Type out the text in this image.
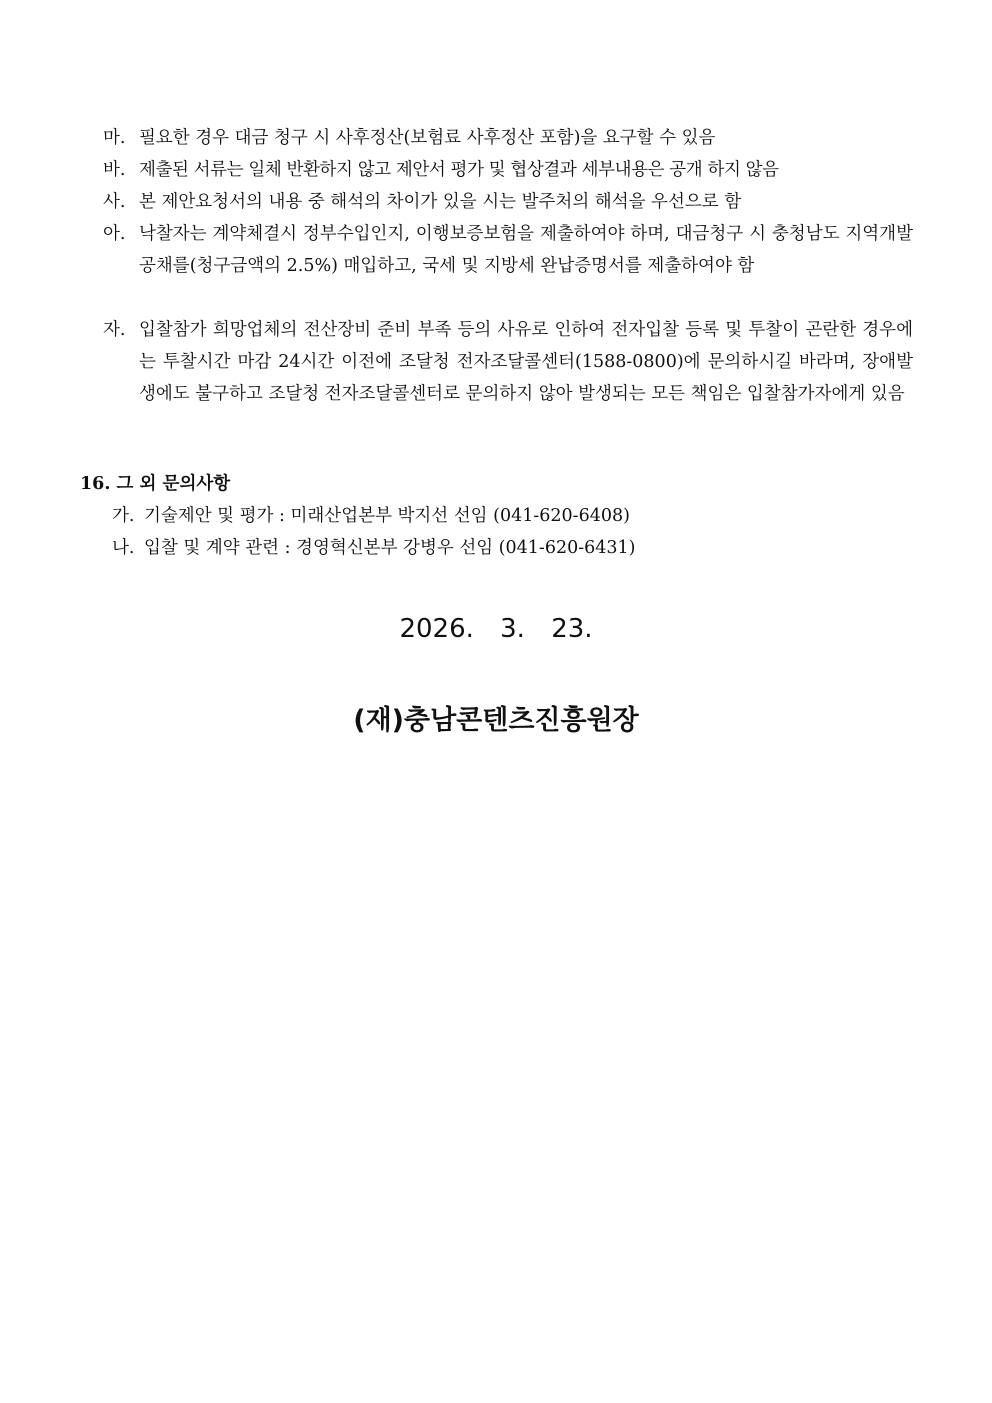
마. 필요한 경우 대금 청구 시 사후정산(보험료 사후정산 포함)을 요구할 수 있음
바. 제출된 서류는 일체 반환하지 않고 제안서 평가 및 협상결과 세부내용은 공개 하지 않음
사. 본 제안요청서의 내용 중 해석의 차이가 있을 시는 발주처의 해석을 우선으로 함
아. 낙찰자는 계약체결시 정부수입인지, 이행보증보험을 제출하여야 하며, 대금청구 시 충청남도 지역개발공채를(청구금액의 2.5%) 매입하고, 국세 및 지방세 완납증명서를 제출하여야 함
자. 입찰참가 희망업체의 전산장비 준비 부족 등의 사유로 인하여 전자입찰 등록 및 투찰이 곤란한 경우에는 투찰시간 마감 24시간 이전에 조달청 전자조달콜센터(1588-0800)에 문의하시길 바라며, 장애발생에도 불구하고 조달청 전자조달콜센터로 문의하지 않아 발생되는 모든 책임은 입찰참가자에게 있음
16. 그 외 문의사항
가. 기술제안 및 평가 : 미래산업본부 박지선 선임 (041-620-6408)
나. 입찰 및 계약 관련 : 경영혁신본부 강병우 선임 (041-620-6431)
2026. 3. 23.
(재)충남콘텐츠진흥원장
